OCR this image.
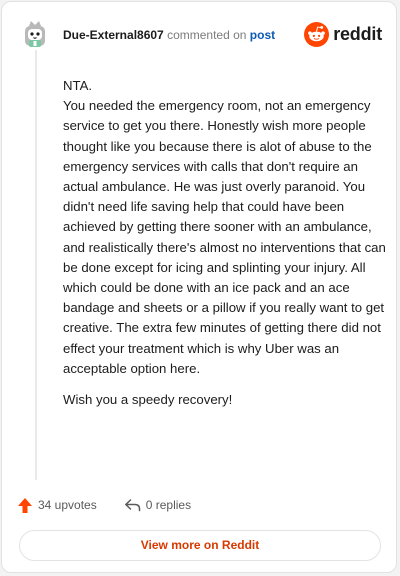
Due-External8607 commented on post	reddit

NTA.
You needed the emergency room, not an emergency service to get you there. Honestly wish more people thought like you because there is alot of abuse to the emergency services with calls that don't require an actual ambulance. He was just overly paranoid. You didn't need life saving help that could have been achieved by getting there sooner with an ambulance, and realistically there's almost no interventions that can be done except for icing and splinting your injury. All which could be done with an ice pack and an ace bandage and sheets or a pillow if you really want to get creative. The extra few minutes of getting there did not effect your treatment which is why Uber was an acceptable option here.

Wish you a speedy recovery!

34 upvotes	0 replies
View more on Reddit
